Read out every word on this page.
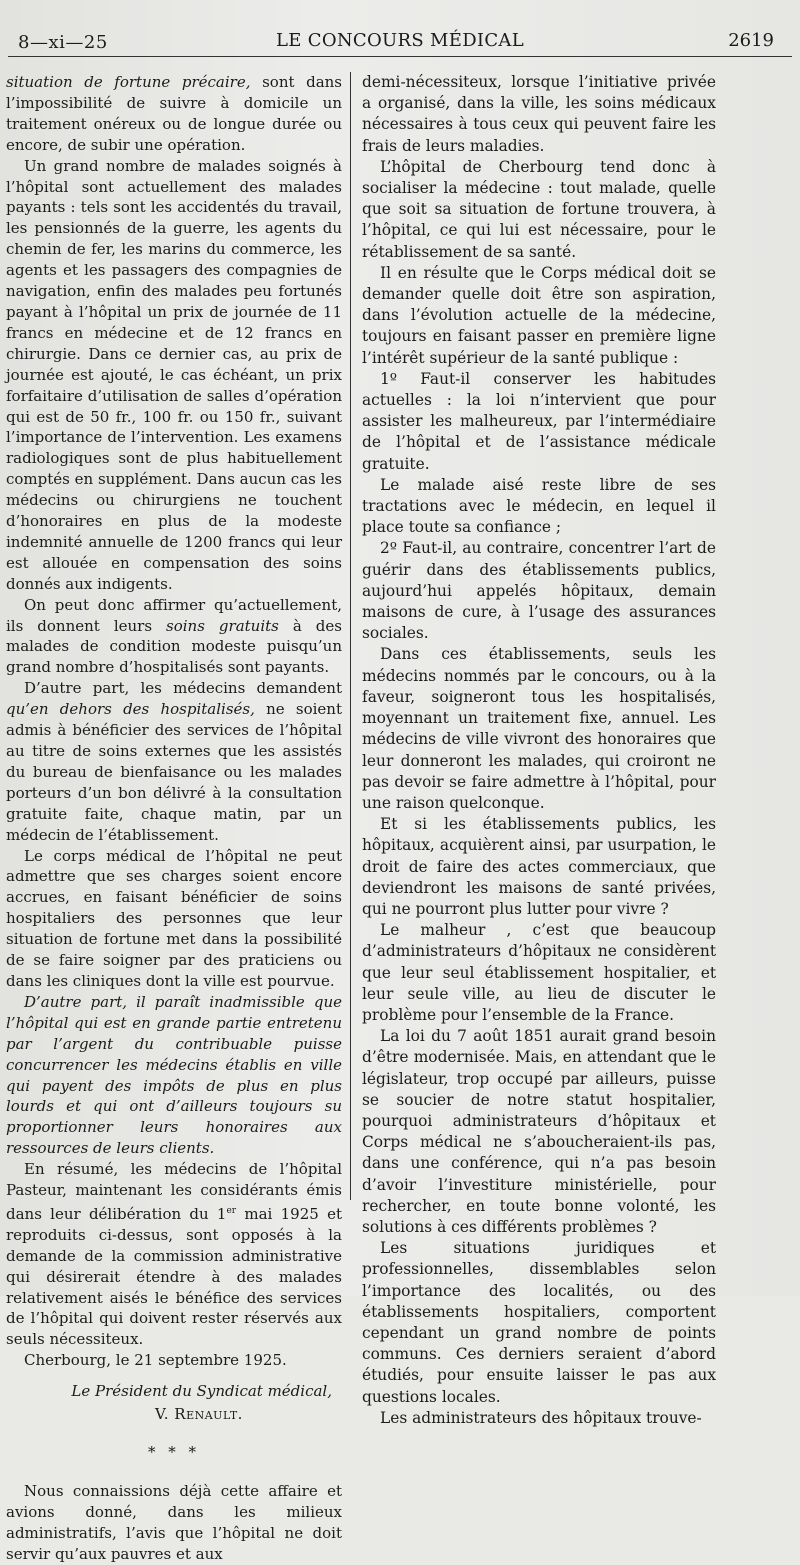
8—xi—25	LE CONCOURS MÉDICAL	2619

situation de fortune précaire, sont dans l’impossibilité de suivre à domicile un traitement onéreux ou de longue durée ou encore, de subir une opération.

Un grand nombre de malades soignés à l’hôpital sont actuellement des malades payants : tels sont les accidentés du travail, les pensionnés de la guerre, les agents du chemin de fer, les marins du commerce, les agents et les passagers des compagnies de navigation, enfin des malades peu fortunés payant à l’hôpital un prix de journée de 11 francs en médecine et de 12 francs en chirurgie. Dans ce dernier cas, au prix de journée est ajouté, le cas échéant, un prix forfaitaire d’utilisation de salles d’opération qui est de 50 fr., 100 fr. ou 150 fr., suivant l’importance de l’intervention. Les examens radiologiques sont de plus habituellement comptés en supplément. Dans aucun cas les médecins ou chirurgiens ne touchent d’honoraires en plus de la modeste indemnité annuelle de 1200 francs qui leur est allouée en compensation des soins donnés aux indigents.

On peut donc affirmer qu’actuellement, ils donnent leurs soins gratuits à des malades de condition modeste puisqu’un grand nombre d’hospitalisés sont payants.

D’autre part, les médecins demandent qu’en dehors des hospitalisés, ne soient admis à bénéficier des services de l’hôpital au titre de soins externes que les assistés du bureau de bienfaisance ou les malades porteurs d’un bon délivré à la consultation gratuite faite, chaque matin, par un médecin de l’établissement.

Le corps médical de l’hôpital ne peut admettre que ses charges soient encore accrues, en faisant bénéficier de soins hospitaliers des personnes que leur situation de fortune met dans la possibilité de se faire soigner par des praticiens ou dans les cliniques dont la ville est pourvue.

D’autre part, il paraît inadmissible que l’hôpital qui est en grande partie entretenu par l’argent du contribuable puisse concurrencer les médecins établis en ville qui payent des impôts de plus en plus lourds et qui ont d’ailleurs toujours su proportionner leurs honoraires aux ressources de leurs clients.

En résumé, les médecins de l’hôpital Pasteur, maintenant les considérants émis dans leur délibération du 1er mai 1925 et reproduits ci-dessus, sont opposés à la demande de la commission administrative qui désirerait étendre à des malades relativement aisés le bénéfice des services de l’hôpital qui doivent rester réservés aux seuls nécessiteux.

Cherbourg, le 21 septembre 1925.

Le Président du Syndicat médical,
V. Renault.
* * *

Nous connaissions déjà cette affaire et avions donné, dans les milieux administratifs, l’avis que l’hôpital ne doit servir qu’aux pauvres et aux

demi-nécessiteux, lorsque l’initiative privée a organisé, dans la ville, les soins médicaux nécessaires à tous ceux qui peuvent faire les frais de leurs maladies.

L’hôpital de Cherbourg tend donc à socialiser la médecine : tout malade, quelle que soit sa situation de fortune trouvera, à l’hôpital, ce qui lui est nécessaire, pour le rétablissement de sa santé.

Il en résulte que le Corps médical doit se demander quelle doit être son aspiration, dans l’évolution actuelle de la médecine, toujours en faisant passer en première ligne l’intérêt supérieur de la santé publique :

1º Faut-il conserver les habitudes actuelles : la loi n’intervient que pour assister les malheureux, par l’intermédiaire de l’hôpital et de l’assistance médicale gratuite.

Le malade aisé reste libre de ses tractations avec le médecin, en lequel il place toute sa confiance ;

2º Faut-il, au contraire, concentrer l’art de guérir dans des établissements publics, aujourd’hui appelés hôpitaux, demain maisons de cure, à l’usage des assurances sociales.

Dans ces établissements, seuls les médecins nommés par le concours, ou à la faveur, soigneront tous les hospitalisés, moyennant un traitement fixe, annuel. Les médecins de ville vivront des honoraires que leur donneront les malades, qui croiront ne pas devoir se faire admettre à l’hôpital, pour une raison quelconque.

Et si les établissements publics, les hôpitaux, acquièrent ainsi, par usurpation, le droit de faire des actes commerciaux, que deviendront les maisons de santé privées, qui ne pourront plus lutter pour vivre ?

Le malheur , c’est que beaucoup d’administrateurs d’hôpitaux ne considèrent que leur seul établissement hospitalier, et leur seule ville, au lieu de discuter le problème pour l’ensemble de la France.

La loi du 7 août 1851 aurait grand besoin d’être modernisée. Mais, en attendant que le législateur, trop occupé par ailleurs, puisse se soucier de notre statut hospitalier, pourquoi administrateurs d’hôpitaux et Corps médical ne s’aboucheraient-ils pas, dans une conférence, qui n’a pas besoin d’avoir l’investiture ministérielle, pour rechercher, en toute bonne volonté, les solutions à ces différents problèmes ?

Les situations juridiques et professionnelles, dissemblables selon l’importance des localités, ou des établissements hospitaliers, comportent cependant un grand nombre de points communs. Ces derniers seraient d’abord étudiés, pour ensuite laisser le pas aux questions locales.

Les administrateurs des hôpitaux trouve-
